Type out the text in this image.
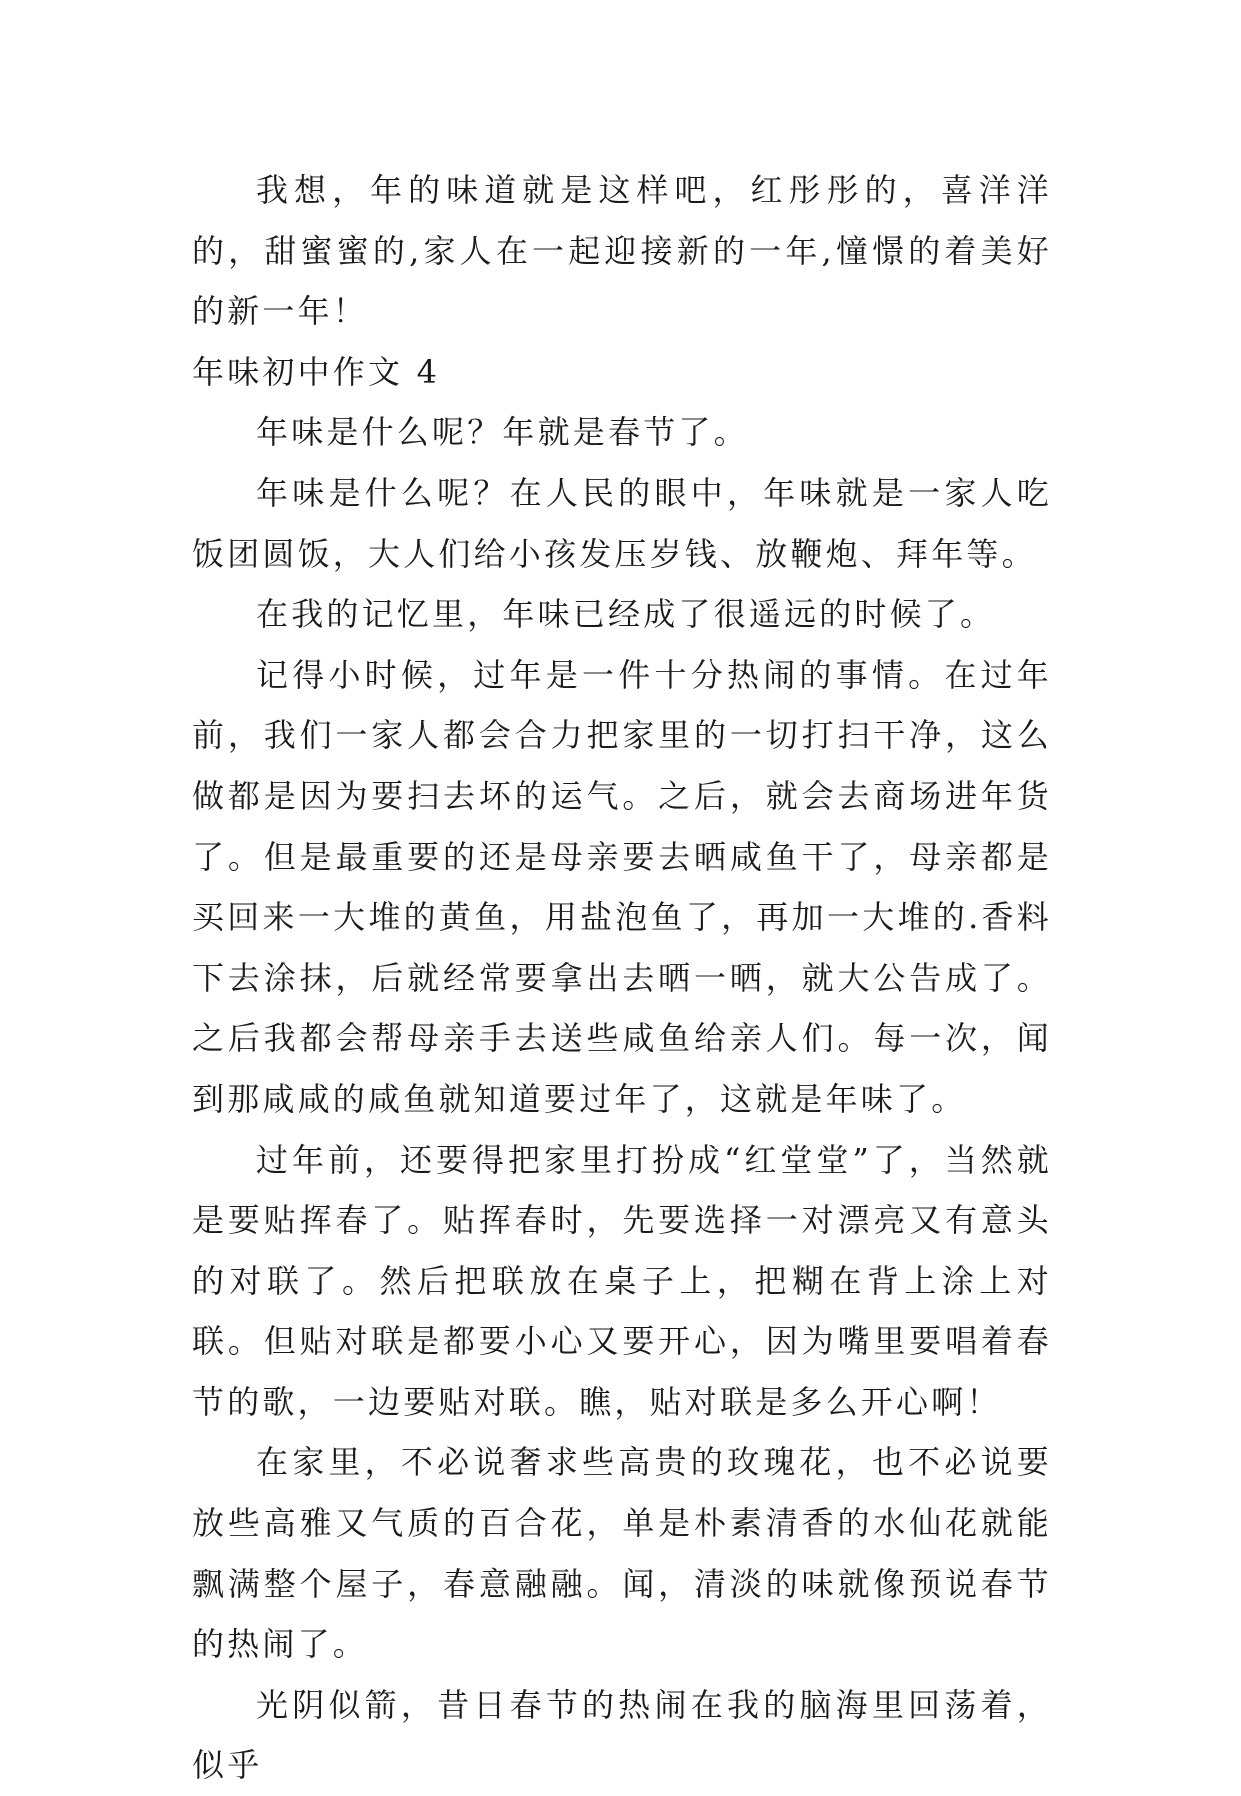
我想，年的味道就是这样吧，红彤彤的，喜洋洋的，甜蜜蜜的,家人在一起迎接新的一年,憧憬的着美好的新一年！

年味初中作文 4

年味是什么呢？年就是春节了。

年味是什么呢？在人民的眼中，年味就是一家人吃饭团圆饭，大人们给小孩发压岁钱、放鞭炮、拜年等。

在我的记忆里，年味已经成了很遥远的时候了。

记得小时候，过年是一件十分热闹的事情。在过年前，我们一家人都会合力把家里的一切打扫干净，这么做都是因为要扫去坏的运气。之后，就会去商场进年货了。但是最重要的还是母亲要去晒咸鱼干了，母亲都是买回来一大堆的黄鱼，用盐泡鱼了，再加一大堆的.香料下去涂抹，后就经常要拿出去晒一晒，就大公告成了。之后我都会帮母亲手去送些咸鱼给亲人们。每一次，闻到那咸咸的咸鱼就知道要过年了，这就是年味了。

过年前，还要得把家里打扮成“红堂堂”了，当然就是要贴挥春了。贴挥春时，先要选择一对漂亮又有意头的对联了。然后把联放在桌子上，把糊在背上涂上对联。但贴对联是都要小心又要开心，因为嘴里要唱着春节的歌，一边要贴对联。瞧，贴对联是多么开心啊！

在家里，不必说奢求些高贵的玫瑰花，也不必说要放些高雅又气质的百合花，单是朴素清香的水仙花就能飘满整个屋子，春意融融。闻，清淡的味就像预说春节的热闹了。

光阴似箭，昔日春节的热闹在我的脑海里回荡着，似乎
